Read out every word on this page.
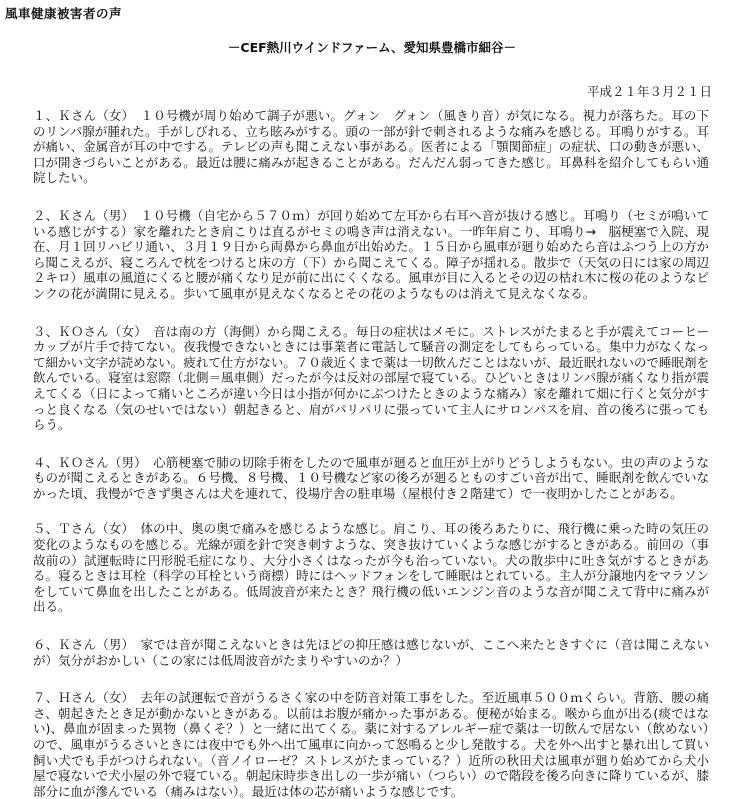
風車健康被害者の声
－CEF熱川ウインドファーム、愛知県豊橋市細谷－
平成２１年３月２１日

１、Ｋさん（女）　１０号機が周り始めて調子が悪い。グォン　グォン（風きり音）が気になる。視力が落ちた。耳の下のリンパ腺が腫れた。手がしびれる、立ち眩みがする。頭の一部が針で刺されるような痛みを感じる。耳鳴りがする。耳が痛い、金属音が耳の中でする。テレビの声も聞こえない事がある。医者による「顎関節症」の症状、口の動きが悪い、口が開きづらいことがある。最近は腰に痛みが起きることがある。だんだん弱ってきた感じ。耳鼻科を紹介してもらい通院したい。

２、Ｋさん（男）　１０号機（自宅から５７０ｍ）が回り始めて左耳から右耳へ音が抜ける感じ。耳鳴り（セミが鳴いている感じがする）家を離れたとき肩こりは直るがセミの鳴き声は消えない。一昨年肩こり、耳鳴り→　脳梗塞で入院、現在、月１回リハビリ通い、３月１９日から両鼻から鼻血が出始めた。１５日から風車が廻り始めたら音はふつう上の方から聞こえるが、寝ころんで枕をつけると床の方（下）から聞こえてくる。障子が揺れる。散歩で（天気の日には家の周辺２キロ）風車の風道にくると腰が痛くなり足が前に出にくくなる。風車が目に入るとその辺の枯れ木に桜の花のようなピンクの花が満開に見える。歩いて風車が見えなくなるとその花のようなものは消えて見えなくなる。

３、ＫＯさん（女）　音は南の方（海側）から聞こえる。毎日の症状はメモに。ストレスがたまると手が震えてコーヒーカップが片手で持てない。夜我慢できないときには事業者に電話して騒音の測定をしてもらっている。集中力がなくなって細かい文字が読めない。疲れて仕方がない。７０歳近くまで薬は一切飲んだことはないが、最近眠れないので睡眠剤を飲んでいる。寝室は窓際（北側＝風車側）だったが今は反対の部屋で寝ている。ひどいときはリンパ腺が痛くなり指が震えてくる（日によって痛いところが違い今日は小指が何かにぶつけたときのような痛み）家を離れて畑に行くと気分がすっと良くなる（気のせいではない）朝起きると、肩がパリパリに張っていて主人にサロンパスを肩、首の後ろに張ってもらう。

４、ＫＯさん（男）　心筋梗塞で肺の切除手術をしたので風車が廻ると血圧が上がりどうしようもない。虫の声のようなものが聞こえるときがある。６号機、８号機、１０号機など家の後ろが廻るとものすごい音が出て、睡眠剤を飲んでいなかった頃、我慢ができず奥さんは犬を連れて、役場庁舎の駐車場（屋根付き２階建て）で一夜明かしたことがある。

５、Ｔさん（女）　体の中、奥の奥で痛みを感じるような感じ。肩こり、耳の後ろあたりに、飛行機に乗った時の気圧の変化のようなものを感じる。光線が頭を針で突き刺すような、突き抜けていくような感じがするときがある。前回の（事故前の）試運転時に円形脱毛症になり、大分小さくはなったが今も治っていない。犬の散歩中に吐き気がするときがある。寝るときは耳栓（科学の耳栓という商標）時にはヘッドフォンをして睡眠はとれている。主人が分譲地内をマラソンをしていて鼻血を出したことがある。低周波音が来たとき？飛行機の低いエンジン音のような音が聞こえて背中に痛みが出る。

６、Ｋさん（男）　家では音が聞こえないときは先ほどの抑圧感は感じないが、ここへ来たときすぐに（音は聞こえないが）気分がおかしい（この家には低周波音がたまりやすいのか？）

７、Ｈさん（女）　去年の試運転で音がうるさく家の中を防音対策工事をした。至近風車５００ｍくらい。背筋、腰の痛さ、朝起きたとき足が動かないときがある。以前はお腹が痛かった事がある。便秘が始まる。喉から血が出る(痰ではない)、鼻血が固まった異物（鼻くそ？）と一緒に出てくる。薬に対するアレルギー症で薬は一切飲んで居ない（飲めない）ので、風車がうるさいときには夜中でも外へ出て風車に向かって怒鳴ると少し発散する。犬を外へ出すと暴れ出して買い飼い犬でも手がつけられない。（音ノイローゼ？ストレスがたまっている？）近所の秋田犬は風車が廻り始めてから犬小屋で寝ないで犬小屋の外で寝ている。朝起床時歩き出しの一歩が痛い（つらい）ので階段を後ろ向きに降りているが、膝部分に血が滲んでいる（痛みはない）。最近は体の芯が痛いような感じです。
